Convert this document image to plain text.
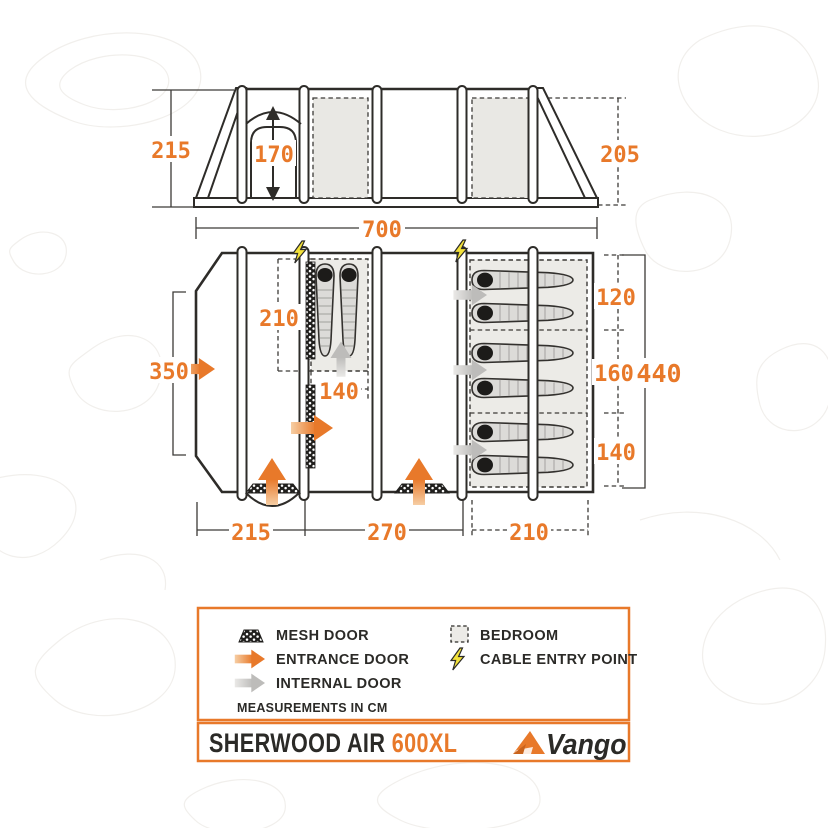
215	170	205
700
350
210
140
120
160
140
440
215	270	210
MESH DOOR
ENTRANCE DOOR
INTERNAL DOOR
MEASUREMENTS IN CM
BEDROOM
CABLE ENTRY POINT
SHERWOOD AIR 600XL	Vango
